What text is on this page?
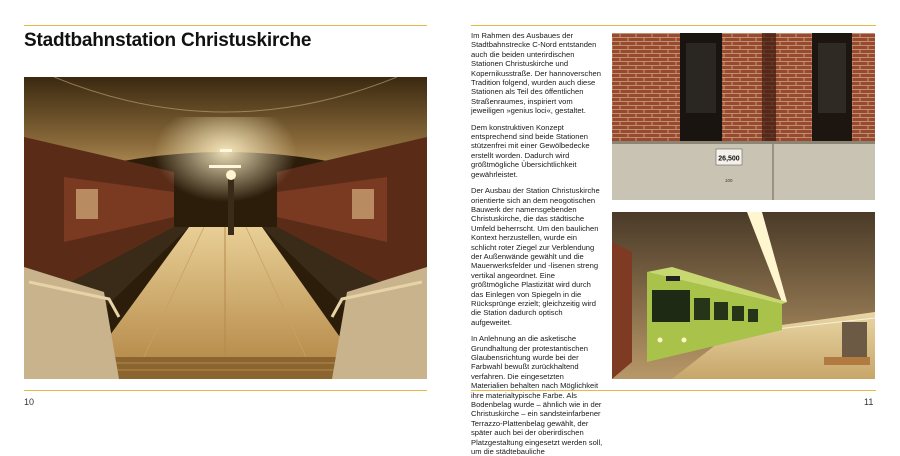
Stadtbahnstation Christuskirche
10	11

Im Rahmen des Ausbaues der Stadtbahnstrecke C-Nord entstanden auch die beiden unterirdischen Stationen Christuskirche und Kopernikusstraße. Der hannoverschen Tradition folgend, wurden auch diese Stationen als Teil des öffentlichen Straßenraumes, inspiriert vom jeweiligen »genius loci«, gestaltet.

Dem konstruktiven Konzept entsprechend sind beide Stationen stützenfrei mit einer Gewölbedecke erstellt worden. Dadurch wird größtmögliche Übersichtlichkeit gewährleistet.

Der Ausbau der Station Christuskirche orientierte sich an dem neogotischen Bauwerk der namensgebenden Christuskirche, die das städtische Umfeld beherrscht. Um den baulichen Kontext herzustellen, wurde ein schlicht roter Ziegel zur Verblendung der Außenwände gewählt und die Mauerwerksfelder und -lisenen streng vertikal angeordnet. Eine größtmögliche Plastizität wird durch das Einlegen von Spiegeln in die Rücksprünge erzielt; gleichzeitig wird die Station dadurch optisch aufgeweitet.

In Anlehnung an die asketische Grundhaltung der protestantischen Glaubensrichtung wurde bei der Farbwahl bewußt zurückhaltend verfahren. Die eingesetzten Materialien behalten nach Möglichkeit ihre materialtypische Farbe. Als Bodenbelag wurde – ähnlich wie in der Christuskirche – ein sandsteinfarbener Terrazzo-Plattenbelag gewählt, der später auch bei der oberirdischen Platzgestaltung eingesetzt werden soll, um die städtebauliche

26,500
100
